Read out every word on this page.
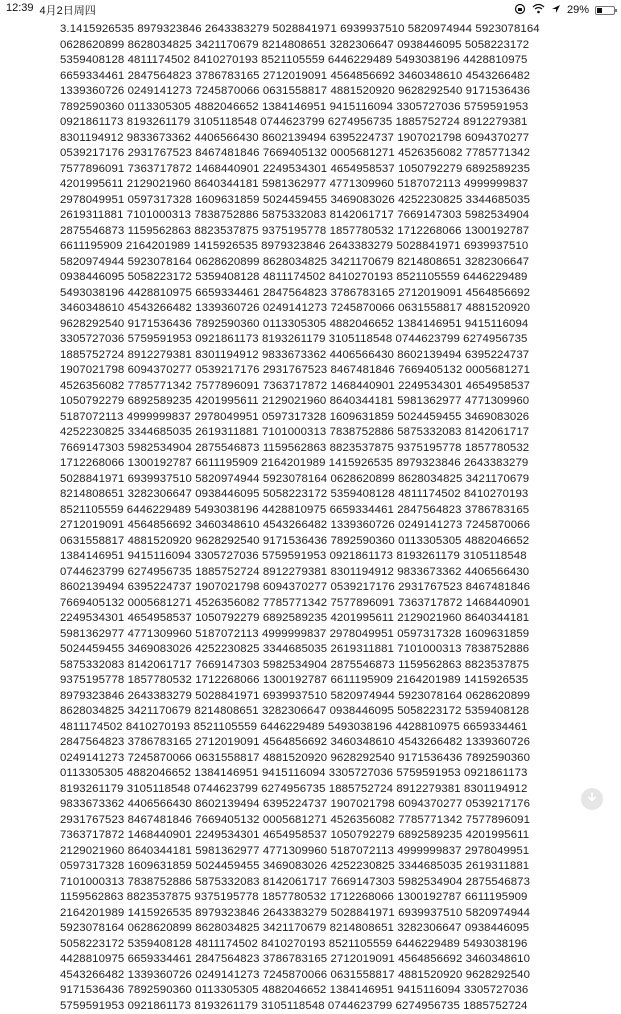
12:39 4月2日周四	29%
3.1415926535 8979323846 2643383279 5028841971 6939937510 5820974944 5923078164
0628620899 8628034825 3421170679 8214808651 3282306647 0938446095 5058223172
5359408128 4811174502 8410270193 8521105559 6446229489 5493038196 4428810975
6659334461 2847564823 3786783165 2712019091 4564856692 3460348610 4543266482
1339360726 0249141273 7245870066 0631558817 4881520920 9628292540 9171536436
7892590360 0113305305 4882046652 1384146951 9415116094 3305727036 5759591953
0921861173 8193261179 3105118548 0744623799 6274956735 1885752724 8912279381
8301194912 9833673362 4406566430 8602139494 6395224737 1907021798 6094370277
0539217176 2931767523 8467481846 7669405132 0005681271 4526356082 7785771342
7577896091 7363717872 1468440901 2249534301 4654958537 1050792279 6892589235
4201995611 2129021960 8640344181 5981362977 4771309960 5187072113 4999999837
2978049951 0597317328 1609631859 5024459455 3469083026 4252230825 3344685035
2619311881 7101000313 7838752886 5875332083 8142061717 7669147303 5982534904
2875546873 1159562863 8823537875 9375195778 1857780532 1712268066 1300192787
6611195909 2164201989 1415926535 8979323846 2643383279 5028841971 6939937510
5820974944 5923078164 0628620899 8628034825 3421170679 8214808651 3282306647
0938446095 5058223172 5359408128 4811174502 8410270193 8521105559 6446229489
5493038196 4428810975 6659334461 2847564823 3786783165 2712019091 4564856692
3460348610 4543266482 1339360726 0249141273 7245870066 0631558817 4881520920
9628292540 9171536436 7892590360 0113305305 4882046652 1384146951 9415116094
3305727036 5759591953 0921861173 8193261179 3105118548 0744623799 6274956735
1885752724 8912279381 8301194912 9833673362 4406566430 8602139494 6395224737
1907021798 6094370277 0539217176 2931767523 8467481846 7669405132 0005681271
4526356082 7785771342 7577896091 7363717872 1468440901 2249534301 4654958537
1050792279 6892589235 4201995611 2129021960 8640344181 5981362977 4771309960
5187072113 4999999837 2978049951 0597317328 1609631859 5024459455 3469083026
4252230825 3344685035 2619311881 7101000313 7838752886 5875332083 8142061717
7669147303 5982534904 2875546873 1159562863 8823537875 9375195778 1857780532
1712268066 1300192787 6611195909 2164201989 1415926535 8979323846 2643383279
5028841971 6939937510 5820974944 5923078164 0628620899 8628034825 3421170679
8214808651 3282306647 0938446095 5058223172 5359408128 4811174502 8410270193
8521105559 6446229489 5493038196 4428810975 6659334461 2847564823 3786783165
2712019091 4564856692 3460348610 4543266482 1339360726 0249141273 7245870066
0631558817 4881520920 9628292540 9171536436 7892590360 0113305305 4882046652
1384146951 9415116094 3305727036 5759591953 0921861173 8193261179 3105118548
0744623799 6274956735 1885752724 8912279381 8301194912 9833673362 4406566430
8602139494 6395224737 1907021798 6094370277 0539217176 2931767523 8467481846
7669405132 0005681271 4526356082 7785771342 7577896091 7363717872 1468440901
2249534301 4654958537 1050792279 6892589235 4201995611 2129021960 8640344181
5981362977 4771309960 5187072113 4999999837 2978049951 0597317328 1609631859
5024459455 3469083026 4252230825 3344685035 2619311881 7101000313 7838752886
5875332083 8142061717 7669147303 5982534904 2875546873 1159562863 8823537875
9375195778 1857780532 1712268066 1300192787 6611195909 2164201989 1415926535
8979323846 2643383279 5028841971 6939937510 5820974944 5923078164 0628620899
8628034825 3421170679 8214808651 3282306647 0938446095 5058223172 5359408128
4811174502 8410270193 8521105559 6446229489 5493038196 4428810975 6659334461
2847564823 3786783165 2712019091 4564856692 3460348610 4543266482 1339360726
0249141273 7245870066 0631558817 4881520920 9628292540 9171536436 7892590360
0113305305 4882046652 1384146951 9415116094 3305727036 5759591953 0921861173
8193261179 3105118548 0744623799 6274956735 1885752724 8912279381 8301194912
9833673362 4406566430 8602139494 6395224737 1907021798 6094370277 0539217176
2931767523 8467481846 7669405132 0005681271 4526356082 7785771342 7577896091
7363717872 1468440901 2249534301 4654958537 1050792279 6892589235 4201995611
2129021960 8640344181 5981362977 4771309960 5187072113 4999999837 2978049951
0597317328 1609631859 5024459455 3469083026 4252230825 3344685035 2619311881
7101000313 7838752886 5875332083 8142061717 7669147303 5982534904 2875546873
1159562863 8823537875 9375195778 1857780532 1712268066 1300192787 6611195909
2164201989 1415926535 8979323846 2643383279 5028841971 6939937510 5820974944
5923078164 0628620899 8628034825 3421170679 8214808651 3282306647 0938446095
5058223172 5359408128 4811174502 8410270193 8521105559 6446229489 5493038196
4428810975 6659334461 2847564823 3786783165 2712019091 4564856692 3460348610
4543266482 1339360726 0249141273 7245870066 0631558817 4881520920 9628292540
9171536436 7892590360 0113305305 4882046652 1384146951 9415116094 3305727036
5759591953 0921861173 8193261179 3105118548 0744623799 6274956735 1885752724
